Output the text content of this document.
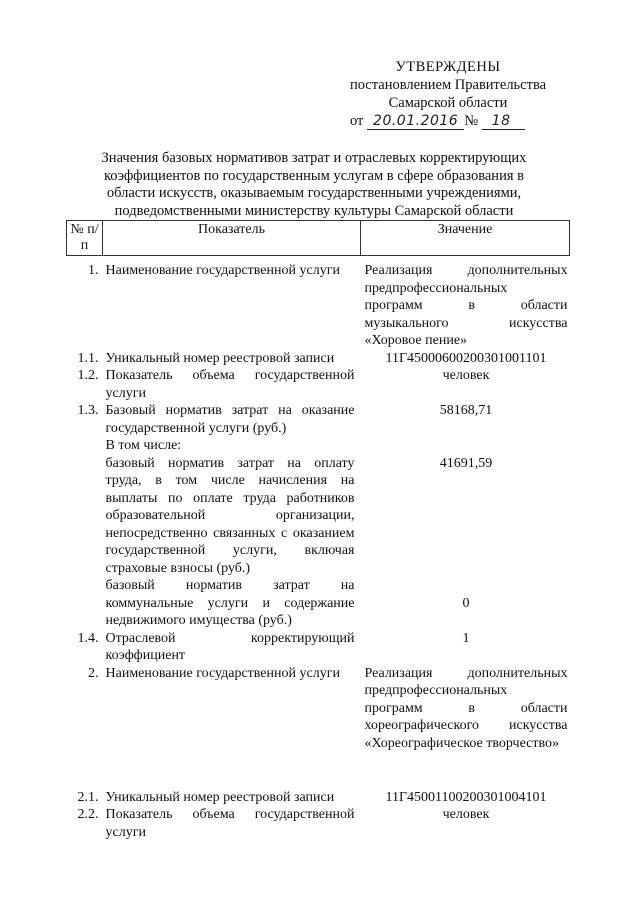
УТВЕРЖДЕНЫ
постановлением Правительства
Самарской области
от 20.01.2016 № 18
Значения базовых нормативов затрат и отраслевых корректирующих коэффициентов по государственным услугам в сфере образования в области искусств, оказываемым государственными учреждениями, подведомственными министерству культуры Самарской области
№ п/п	Показатель	Значение

1.	Наименование государственной услуги	Реализация дополнительных предпрофессиональных программ в области музыкального искусства «Хоровое пение»
1.1.	Уникальный номер реестровой записи	11Г45000600200301001101
1.2.	Показатель объема государственной услуги	человек
1.3.	Базовый норматив затрат на оказание государственной услуги (руб.)	58168,71
	В том числе:	
	базовый норматив затрат на оплату труда, в том числе начисления на выплаты по оплате труда работников образовательной организации, непосредственно связанных с оказанием государственной услуги, включая страховые взносы (руб.)	41691,59
	базовый норматив затрат на коммунальные услуги и содержание недвижимого имущества (руб.)	0
1.4.	Отраслевой корректирующий коэффициент	1
2.	Наименование государственной услуги	Реализация дополнительных предпрофессиональных программ в области хореографического искусства «Хореографическое творчество»
2.1.	Уникальный номер реестровой записи	11Г45001100200301004101
2.2.	Показатель объема государственной услуги	человек
